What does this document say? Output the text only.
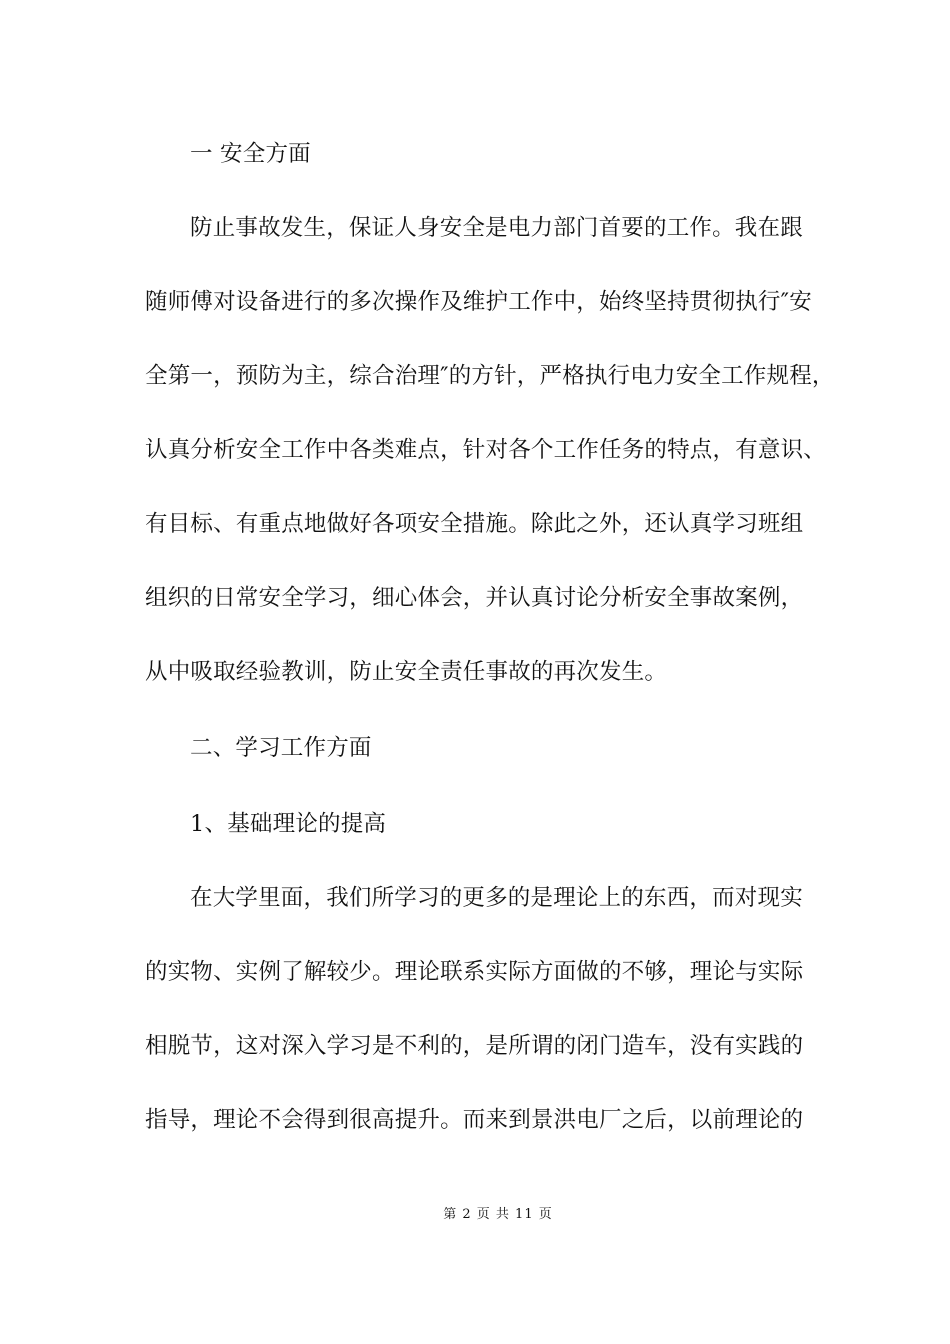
一 安全方面
防止事故发生，保证人身安全是电力部门首要的工作。我在跟
随师傅对设备进行的多次操作及维护工作中，始终坚持贯彻执行″安
全第一，预防为主，综合治理″的方针，严格执行电力安全工作规程，
认真分析安全工作中各类难点，针对各个工作任务的特点，有意识、
有目标、有重点地做好各项安全措施。除此之外，还认真学习班组
组织的日常安全学习，细心体会，并认真讨论分析安全事故案例，
从中吸取经验教训，防止安全责任事故的再次发生。
二、学习工作方面
1、基础理论的提高
在大学里面，我们所学习的更多的是理论上的东西，而对现实
的实物、实例了解较少。理论联系实际方面做的不够，理论与实际
相脱节，这对深入学习是不利的，是所谓的闭门造车，没有实践的
指导，理论不会得到很高提升。而来到景洪电厂之后，以前理论的
第 2 页 共 11 页
